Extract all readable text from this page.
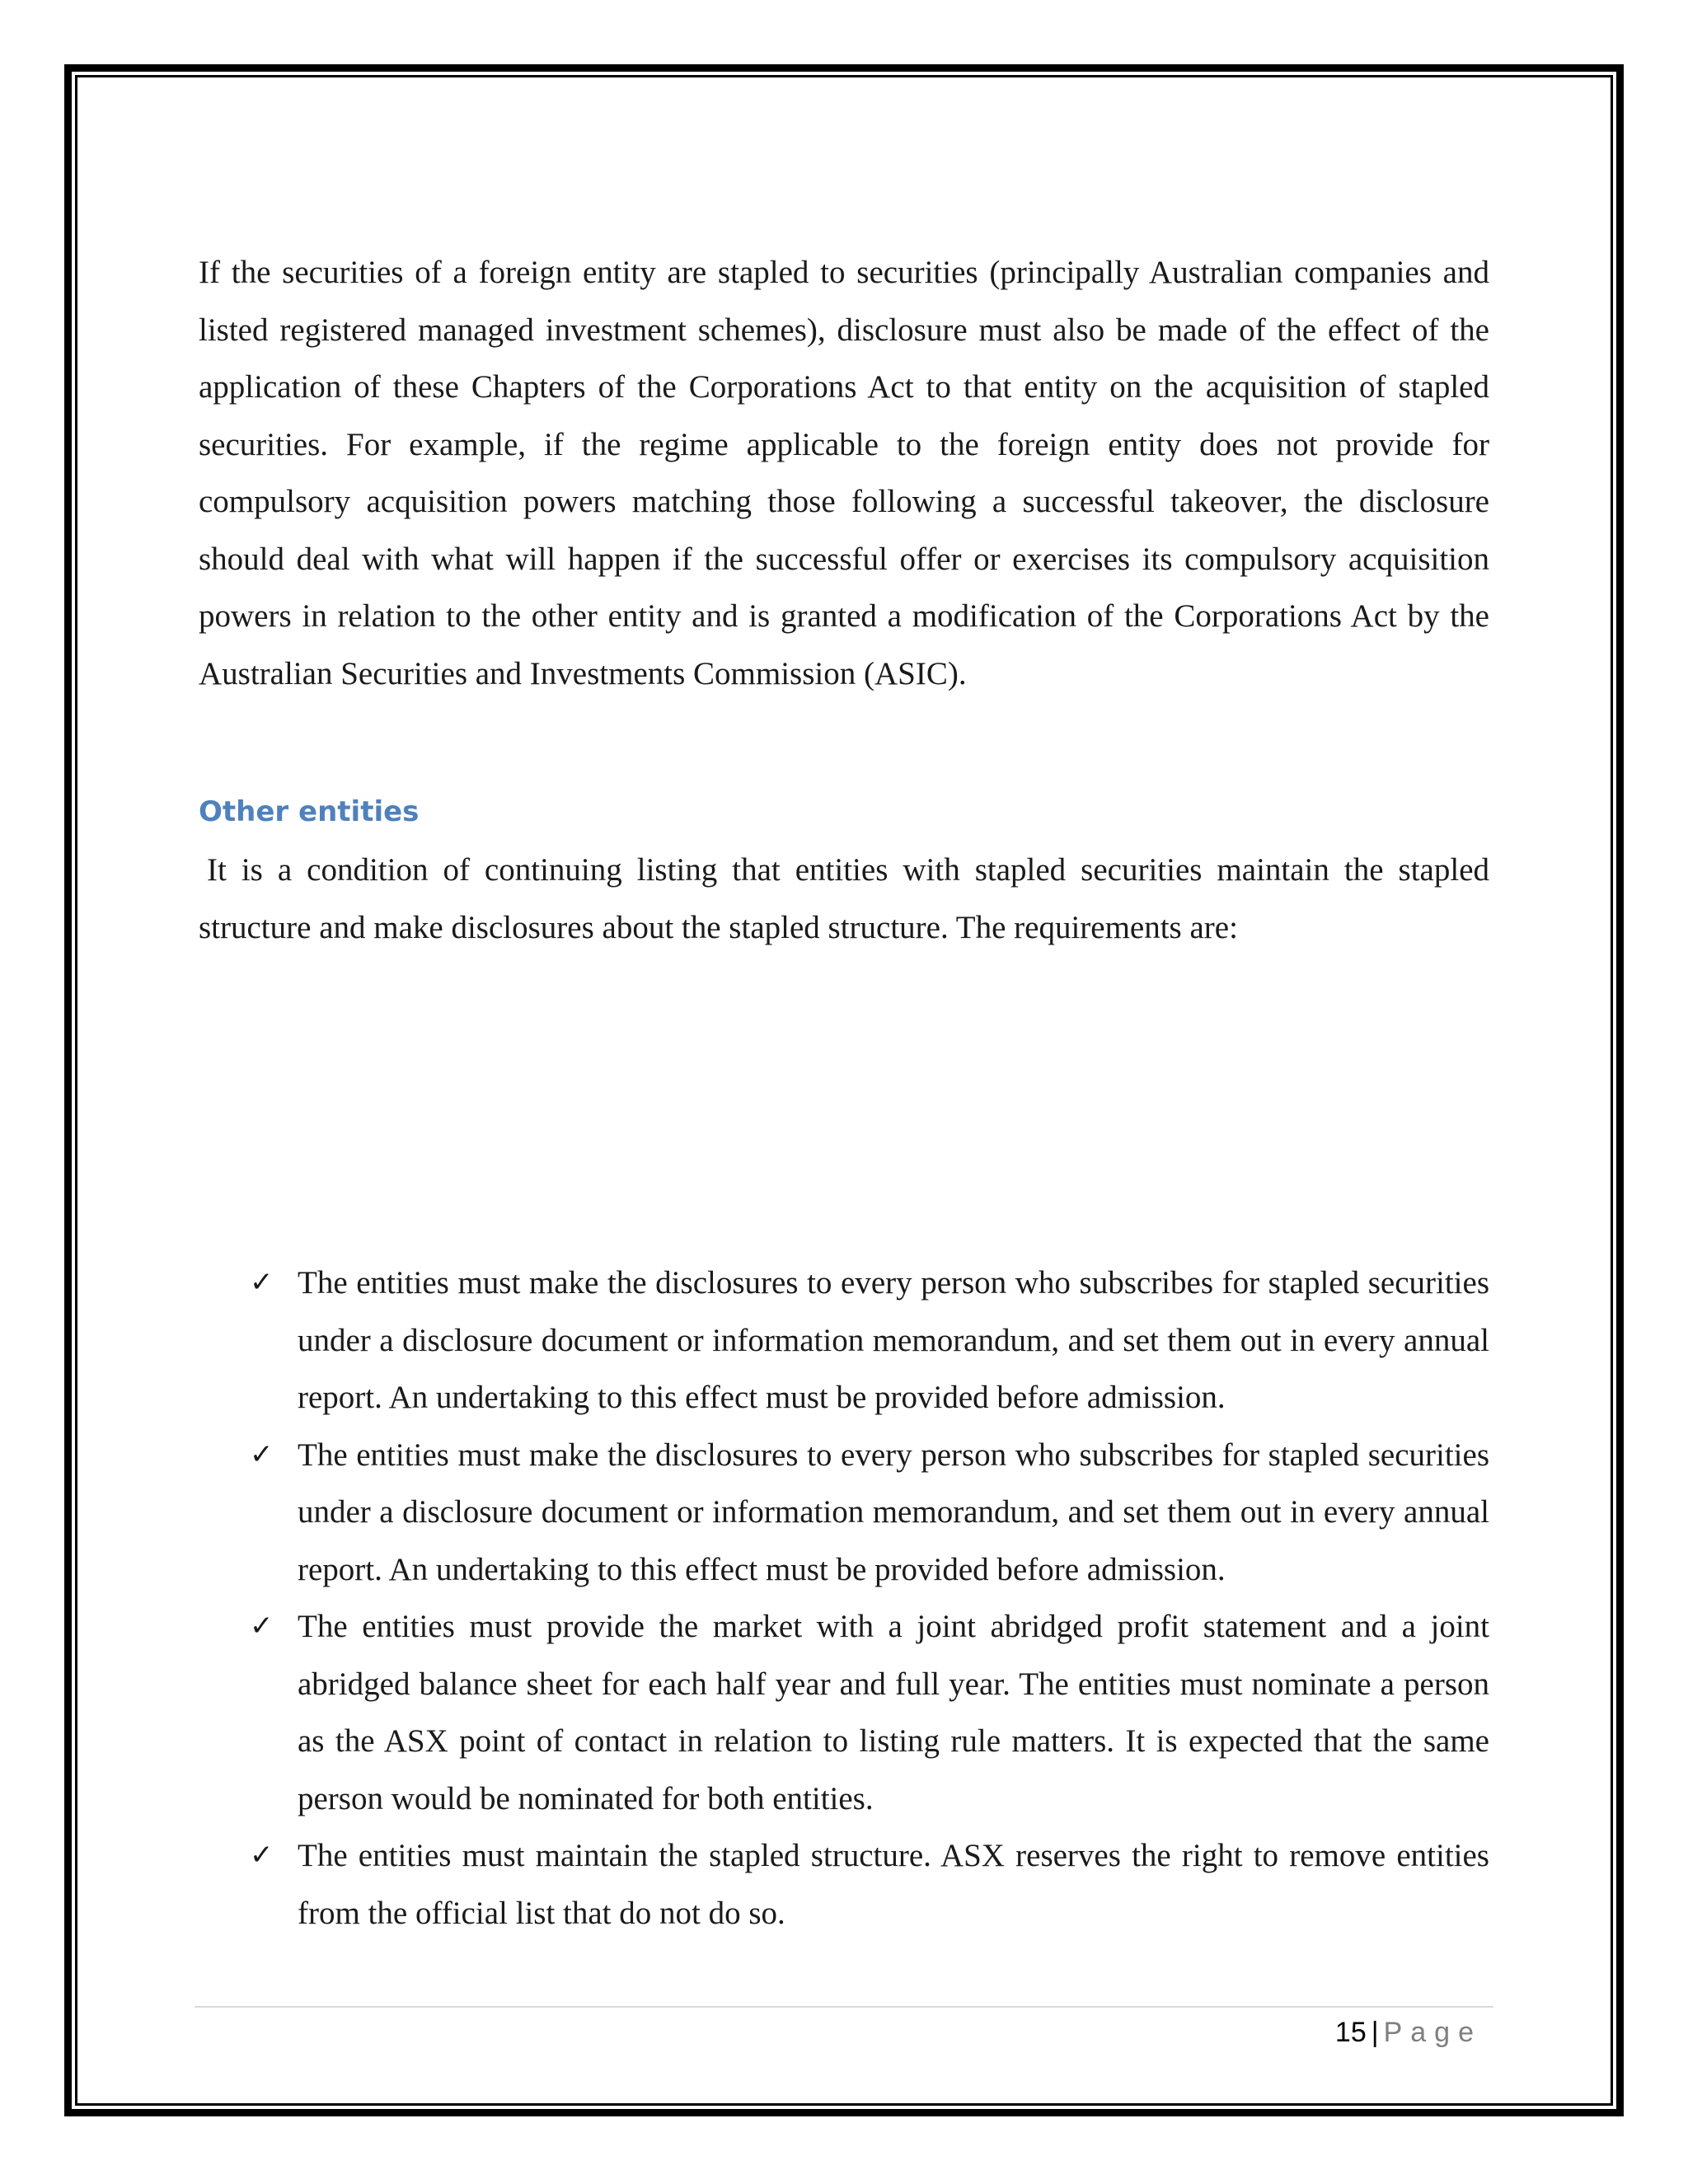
If the securities of a foreign entity are stapled to securities (principally Australian companies and listed registered managed investment schemes), disclosure must also be made of the effect of the application of these Chapters of the Corporations Act to that entity on the acquisition of stapled securities. For example, if the regime applicable to the foreign entity does not provide for compulsory acquisition powers matching those following a successful takeover, the disclosure should deal with what will happen if the successful offer or exercises its compulsory acquisition powers in relation to the other entity and is granted a modification of the Corporations Act by the Australian Securities and Investments Commission (ASIC).

Other entities

It is a condition of continuing listing that entities with stapled securities maintain the stapled structure and make disclosures about the stapled structure. The requirements are:

✓ The entities must make the disclosures to every person who subscribes for stapled securities under a disclosure document or information memorandum, and set them out in every annual report. An undertaking to this effect must be provided before admission.
✓ The entities must make the disclosures to every person who subscribes for stapled securities under a disclosure document or information memorandum, and set them out in every annual report. An undertaking to this effect must be provided before admission.
✓ The entities must provide the market with a joint abridged profit statement and a joint abridged balance sheet for each half year and full year. The entities must nominate a person as the ASX point of contact in relation to listing rule matters. It is expected that the same person would be nominated for both entities.
✓ The entities must maintain the stapled structure. ASX reserves the right to remove entities from the official list that do not do so.
15 | Page
